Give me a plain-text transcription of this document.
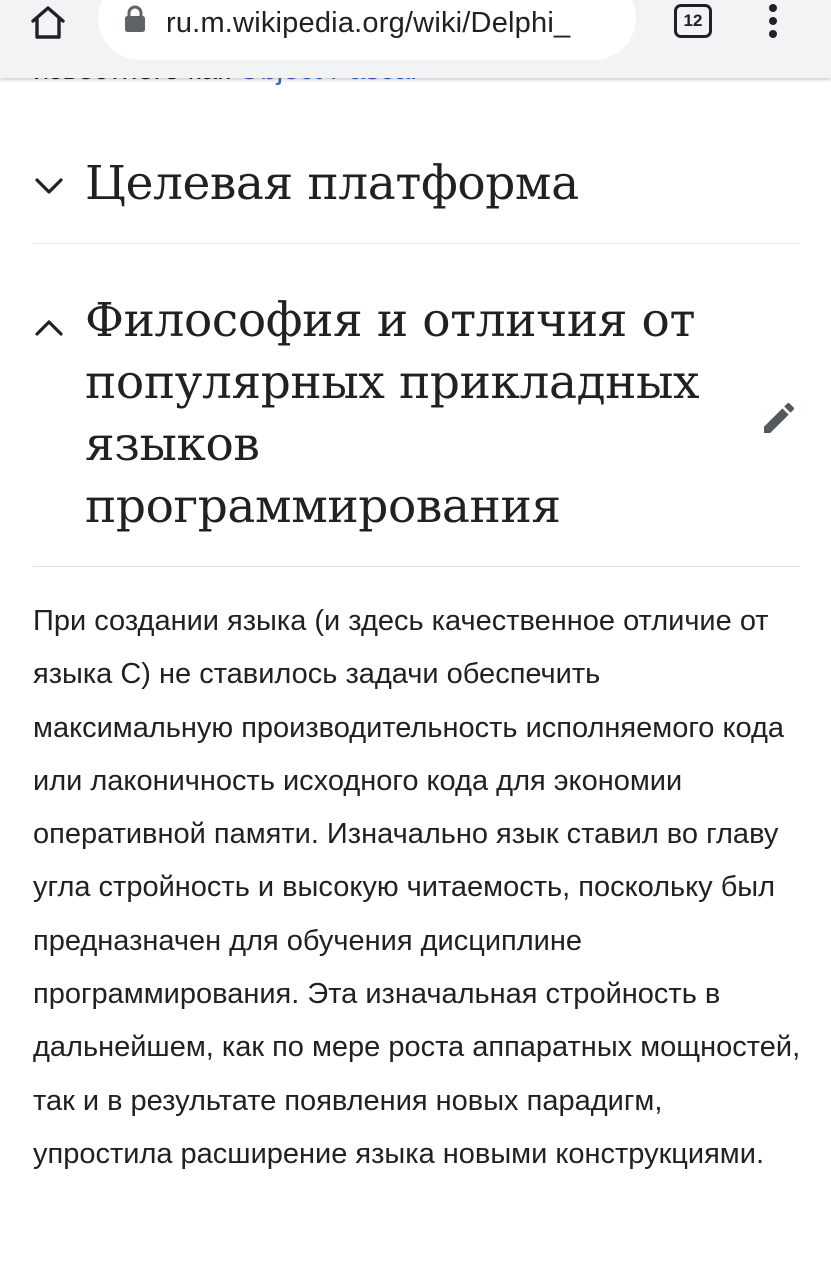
ru.m.wikipedia.org/wiki/Delphi_	12
Целевая платформа
Философия и отличия от популярных прикладных языков программирования

При создании языка (и здесь качественное отличие от языка C) не ставилось задачи обеспечить максимальную производительность исполняемого кода или лаконичность исходного кода для экономии оперативной памяти. Изначально язык ставил во главу угла стройность и высокую читаемость, поскольку был предназначен для обучения дисциплине программирования. Эта изначальная стройность в дальнейшем, как по мере роста аппаратных мощностей, так и в результате появления новых парадигм, упростила расширение языка новыми конструкциями.
